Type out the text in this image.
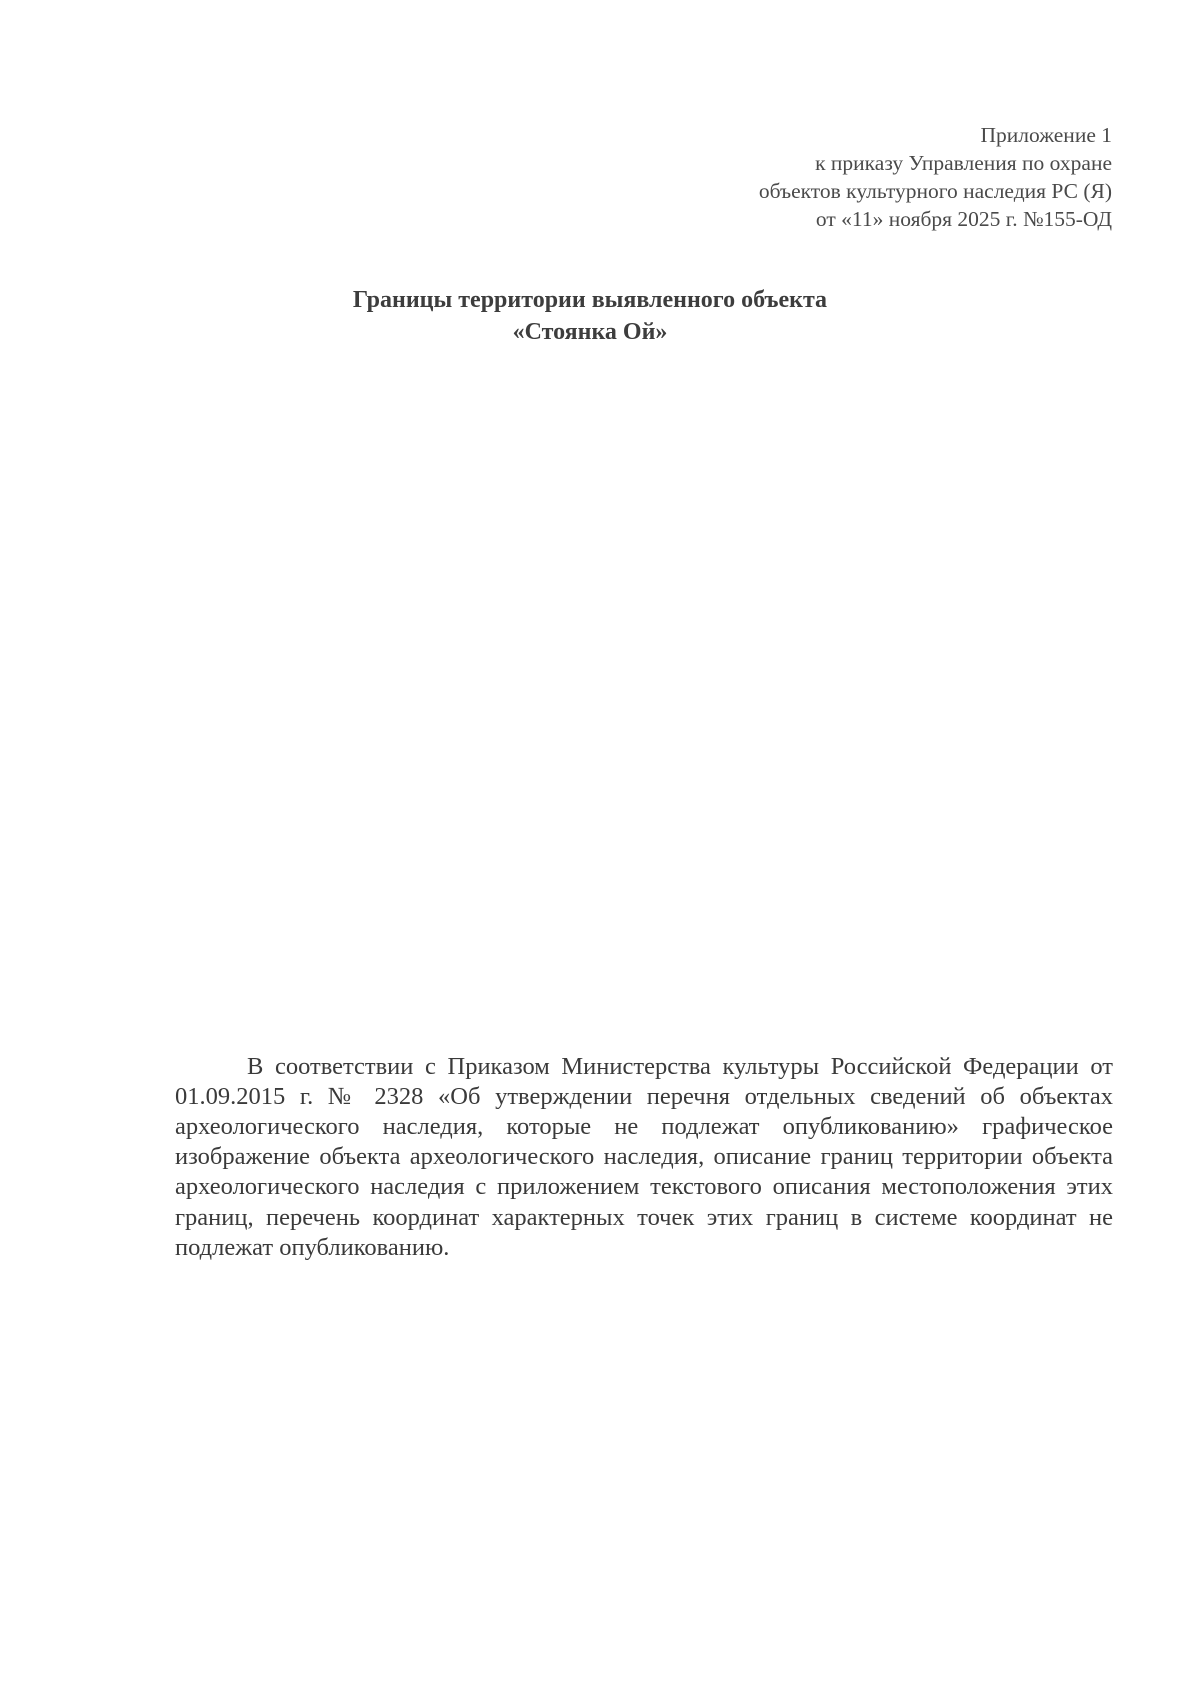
Приложение 1
к приказу Управления по охране
объектов культурного наследия РС (Я)
от «11» ноября 2025 г. №155-ОД
Границы территории выявленного объекта
«Стоянка Ой»

В соответствии с Приказом Министерства культуры Российской Федерации от 01.09.2015 г. № 2328 «Об утверждении перечня отдельных сведений об объектах археологического наследия, которые не подлежат опубликованию» графическое изображение объекта археологического наследия, описание границ территории объекта археологического наследия с приложением текстового описания местоположения этих границ, перечень координат характерных точек этих границ в системе координат не подлежат опубликованию.
